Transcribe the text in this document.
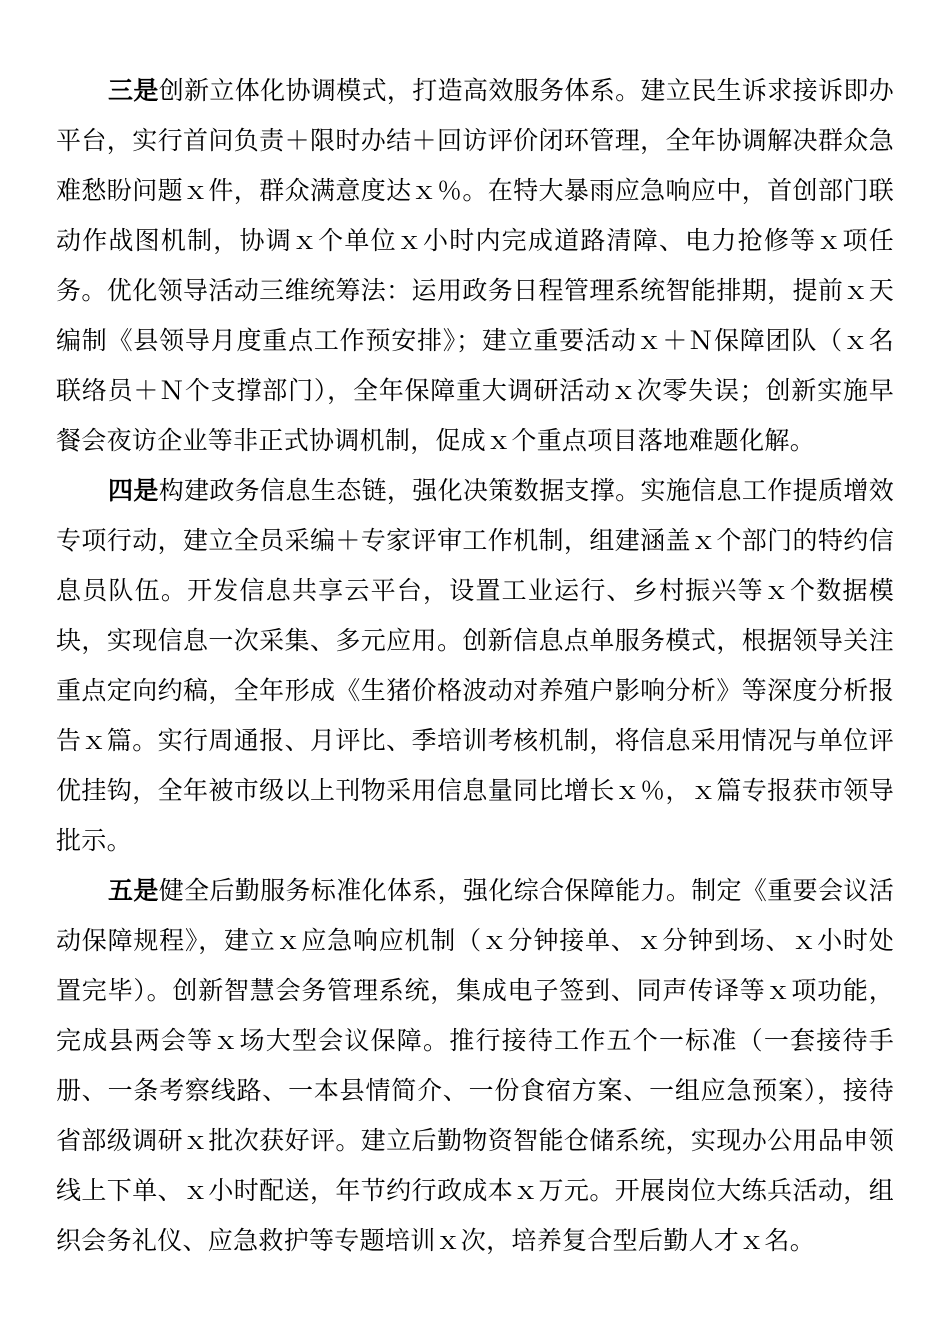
三是创新立体化协调模式，打造高效服务体系。建立民生诉求接诉即办平台，实行首问负责＋限时办结＋回访评价闭环管理，全年协调解决群众急难愁盼问题ｘ件，群众满意度达ｘ％。在特大暴雨应急响应中，首创部门联动作战图机制，协调ｘ个单位ｘ小时内完成道路清障、电力抢修等ｘ项任务。优化领导活动三维统筹法：运用政务日程管理系统智能排期，提前ｘ天编制《县领导月度重点工作预安排》；建立重要活动ｘ＋Ｎ保障团队（ｘ名联络员＋Ｎ个支撑部门），全年保障重大调研活动ｘ次零失误；创新实施早餐会夜访企业等非正式协调机制，促成ｘ个重点项目落地难题化解。

四是构建政务信息生态链，强化决策数据支撑。实施信息工作提质增效专项行动，建立全员采编＋专家评审工作机制，组建涵盖ｘ个部门的特约信息员队伍。开发信息共享云平台，设置工业运行、乡村振兴等ｘ个数据模块，实现信息一次采集、多元应用。创新信息点单服务模式，根据领导关注重点定向约稿，全年形成《生猪价格波动对养殖户影响分析》等深度分析报告ｘ篇。实行周通报、月评比、季培训考核机制，将信息采用情况与单位评优挂钩，全年被市级以上刊物采用信息量同比增长ｘ％，ｘ篇专报获市领导批示。

五是健全后勤服务标准化体系，强化综合保障能力。制定《重要会议活动保障规程》，建立ｘ应急响应机制（ｘ分钟接单、ｘ分钟到场、ｘ小时处置完毕）。创新智慧会务管理系统，集成电子签到、同声传译等ｘ项功能，完成县两会等ｘ场大型会议保障。推行接待工作五个一标准（一套接待手册、一条考察线路、一本县情简介、一份食宿方案、一组应急预案），接待省部级调研ｘ批次获好评。建立后勤物资智能仓储系统，实现办公用品申领线上下单、ｘ小时配送，年节约行政成本ｘ万元。开展岗位大练兵活动，组织会务礼仪、应急救护等专题培训ｘ次，培养复合型后勤人才ｘ名。
